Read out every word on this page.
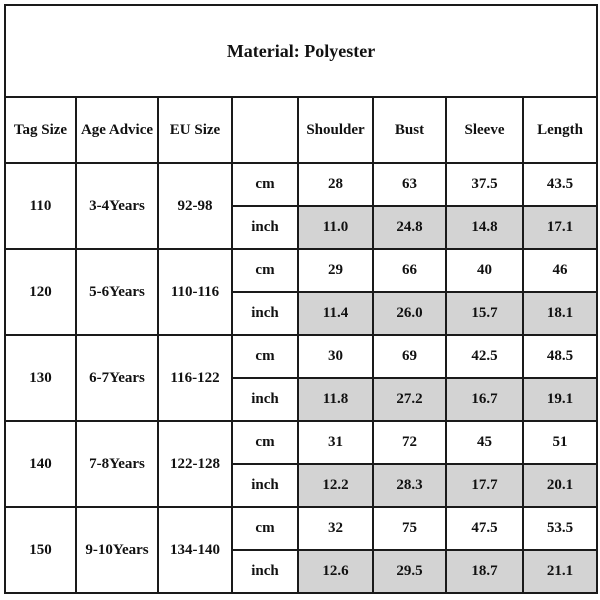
Material: Polyester							
Tag Size	Age Advice	EU Size		Shoulder	Bust	Sleeve	Length
110	3-4Years	92-98	cm	28	63	37.5	43.5
			inch	11.0	24.8	14.8	17.1
120	5-6Years	110-116	cm	29	66	40	46
			inch	11.4	26.0	15.7	18.1
130	6-7Years	116-122	cm	30	69	42.5	48.5
			inch	11.8	27.2	16.7	19.1
140	7-8Years	122-128	cm	31	72	45	51
			inch	12.2	28.3	17.7	20.1
150	9-10Years	134-140	cm	32	75	47.5	53.5
			inch	12.6	29.5	18.7	21.1
